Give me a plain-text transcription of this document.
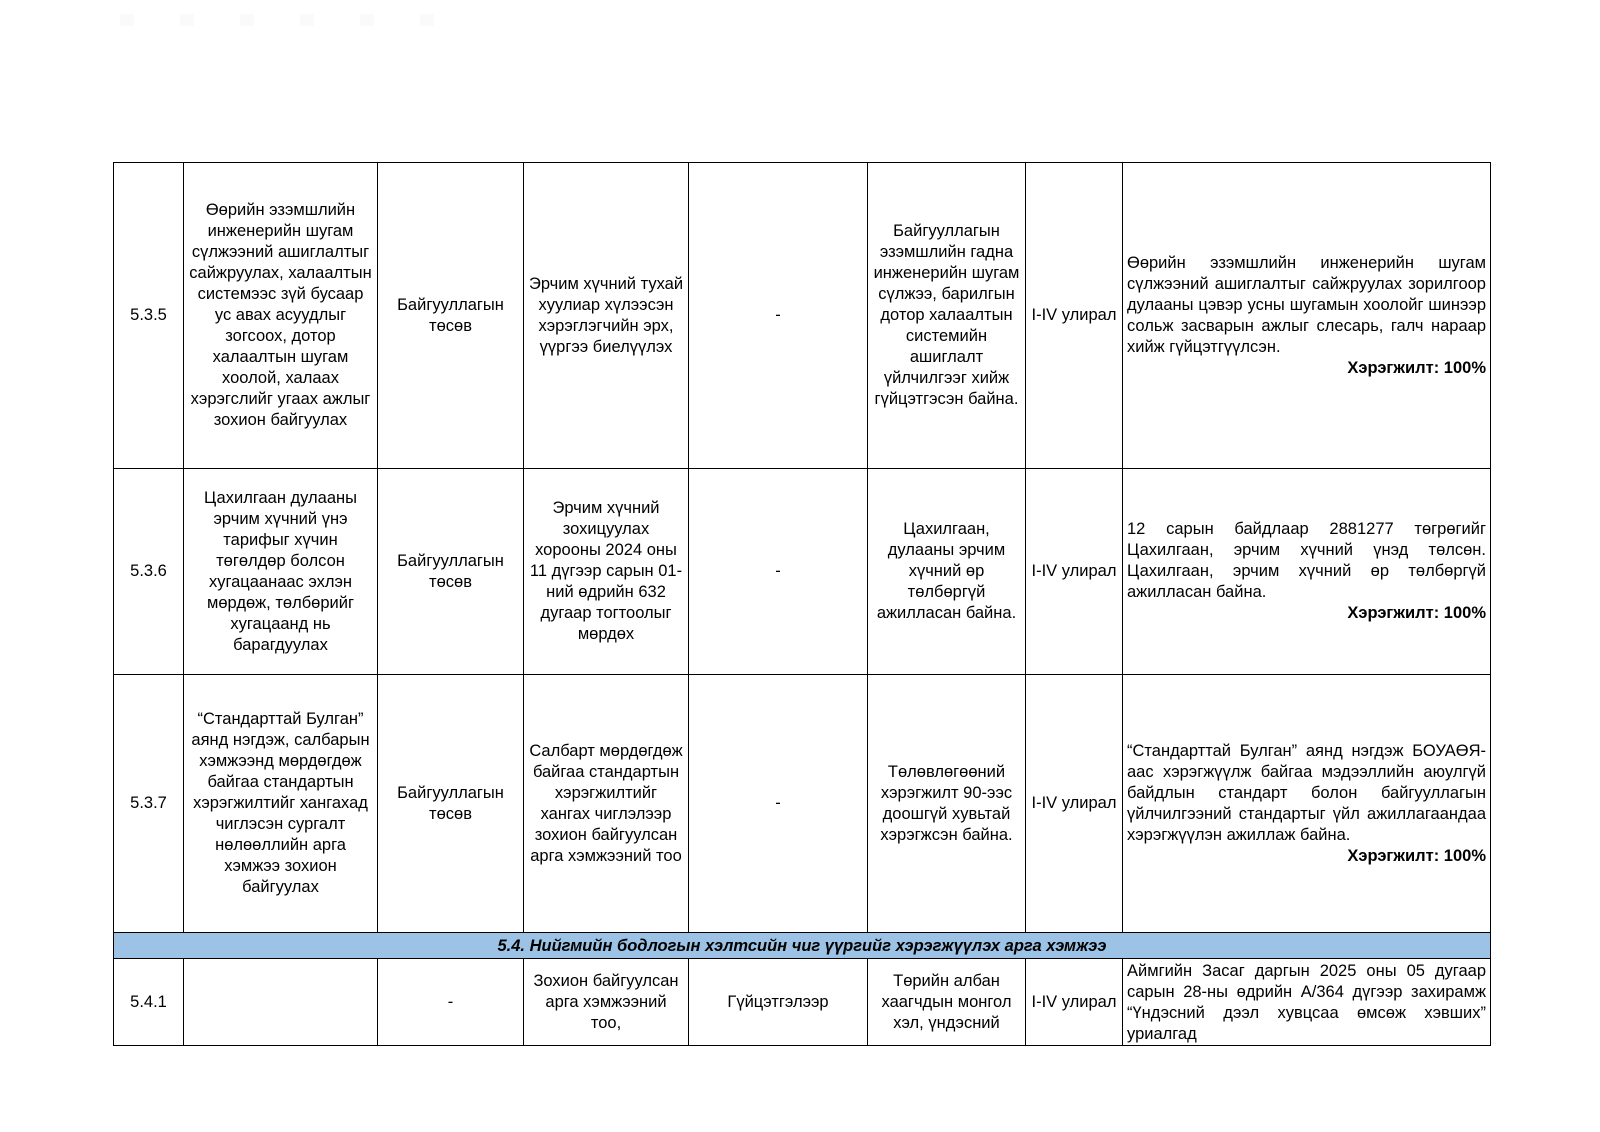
5.3.5	Өөрийн эзэмшлийн инженерийн шугам сүлжээний ашиглалтыг сайжруулах, халаалтын системээс зүй бусаар ус авах асуудлыг зогсоох, дотор халаалтын шугам хоолой, халаах хэрэгслийг угаах ажлыг зохион байгуулах	Байгууллагын төсөв	Эрчим хүчний тухай хуулиар хүлээсэн хэрэглэгчийн эрх, үүргээ биелүүлэх	-	Байгууллагын эзэмшлийн гадна инженерийн шугам сүлжээ, барилгын дотор халаалтын системийн ашиглалт үйлчилгээг хийж гүйцэтгэсэн байна.	I-IV улирал	Өөрийн эзэмшлийн инженерийн шугам сүлжээний ашиглалтыг сайжруулах зорилгоор дулааны цэвэр усны шугамын хоолойг шинээр сольж засварын ажлыг слесарь, галч нараар хийж гүйцэтгүүлсэн.
Хэрэгжилт: 100%

5.3.6	Цахилгаан дулааны эрчим хүчний үнэ тарифыг хүчин төгөлдөр болсон хугацаанаас эхлэн мөрдөж, төлбөрийг хугацаанд нь барагдуулах	Байгууллагын төсөв	Эрчим хүчний зохицуулах хорооны 2024 оны 11 дүгээр сарын 01-ний өдрийн 632 дугаар тогтоолыг мөрдөх	-	Цахилгаан, дулааны эрчим хүчний өр төлбөргүй ажилласан байна.	I-IV улирал	12 сарын байдлаар 2881277 төгрөгийг Цахилгаан, эрчим хүчний үнэд төлсөн. Цахилгаан, эрчим хүчний өр төлбөргүй ажилласан байна.
Хэрэгжилт: 100%

5.3.7	“Стандарттай Булган” аянд нэгдэж, салбарын хэмжээнд мөрдөгдөж байгаа стандартын хэрэгжилтийг хангахад чиглэсэн сургалт нөлөөллийн арга хэмжээ зохион байгуулах	Байгууллагын төсөв	Салбарт мөрдөгдөж байгаа стандартын хэрэгжилтийг хангах чиглэлээр зохион байгуулсан арга хэмжээний тоо	-	Төлөвлөгөөний хэрэгжилт 90-ээс доошгүй хувьтай хэрэгжсэн байна.	I-IV улирал	“Стандарттай Булган” аянд нэгдэж БОУАӨЯ-аас хэрэгжүүлж байгаа мэдээллийн аюулгүй байдлын стандарт болон байгууллагын үйлчилгээний стандартыг үйл ажиллагаандаа хэрэгжүүлэн ажиллаж байна.
Хэрэгжилт: 100%

5.4. Нийгмийн бодлогын хэлтсийн чиг үүргийг хэрэгжүүлэх арга хэмжээ							
5.4.1		-	Зохион байгуулсан арга хэмжээний тоо,	Гүйцэтгэлээр	Төрийн албан хаагчдын монгол хэл, үндэсний	I-IV улирал	Аймгийн Засаг даргын 2025 оны 05 дугаар сарын 28-ны өдрийн А/364 дүгээр захирамж “Үндэсний дээл хувцсаа өмсөж хэвших” уриалгад
